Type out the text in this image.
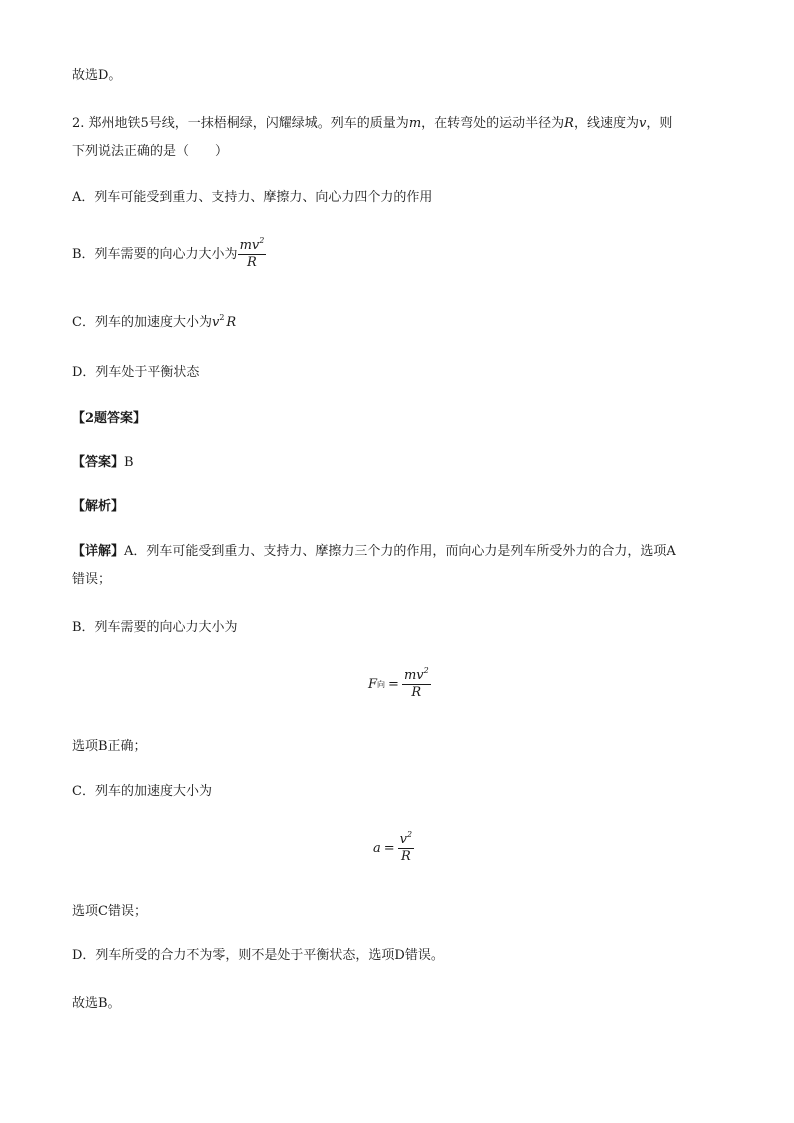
故选D。
2. 郑州地铁5号线，一抹梧桐绿，闪耀绿城。列车的质量为m，在转弯处的运动半径为R，线速度为v，则
下列说法正确的是（　　）
A．列车可能受到重力、支持力、摩擦力、向心力四个力的作用
B．列车需要的向心力大小为 $\frac{mv^2}{R}$
C．列车的加速度大小为$v^2$ R
D．列车处于平衡状态
【2题答案】
【答案】B
【解析】
【详解】A．列车可能受到重力、支持力、摩擦力三个力的作用，而向心力是列车所受外力的合力，选项A
错误；
B．列车需要的向心力大小为
F 向 = $\frac{mv^2}{R}$
选项B正确；
C．列车的加速度大小为
$a = \frac{v^2}{R}$
选项C错误；
D．列车所受的合力不为零，则不是处于平衡状态，选项D错误。
故选B。
